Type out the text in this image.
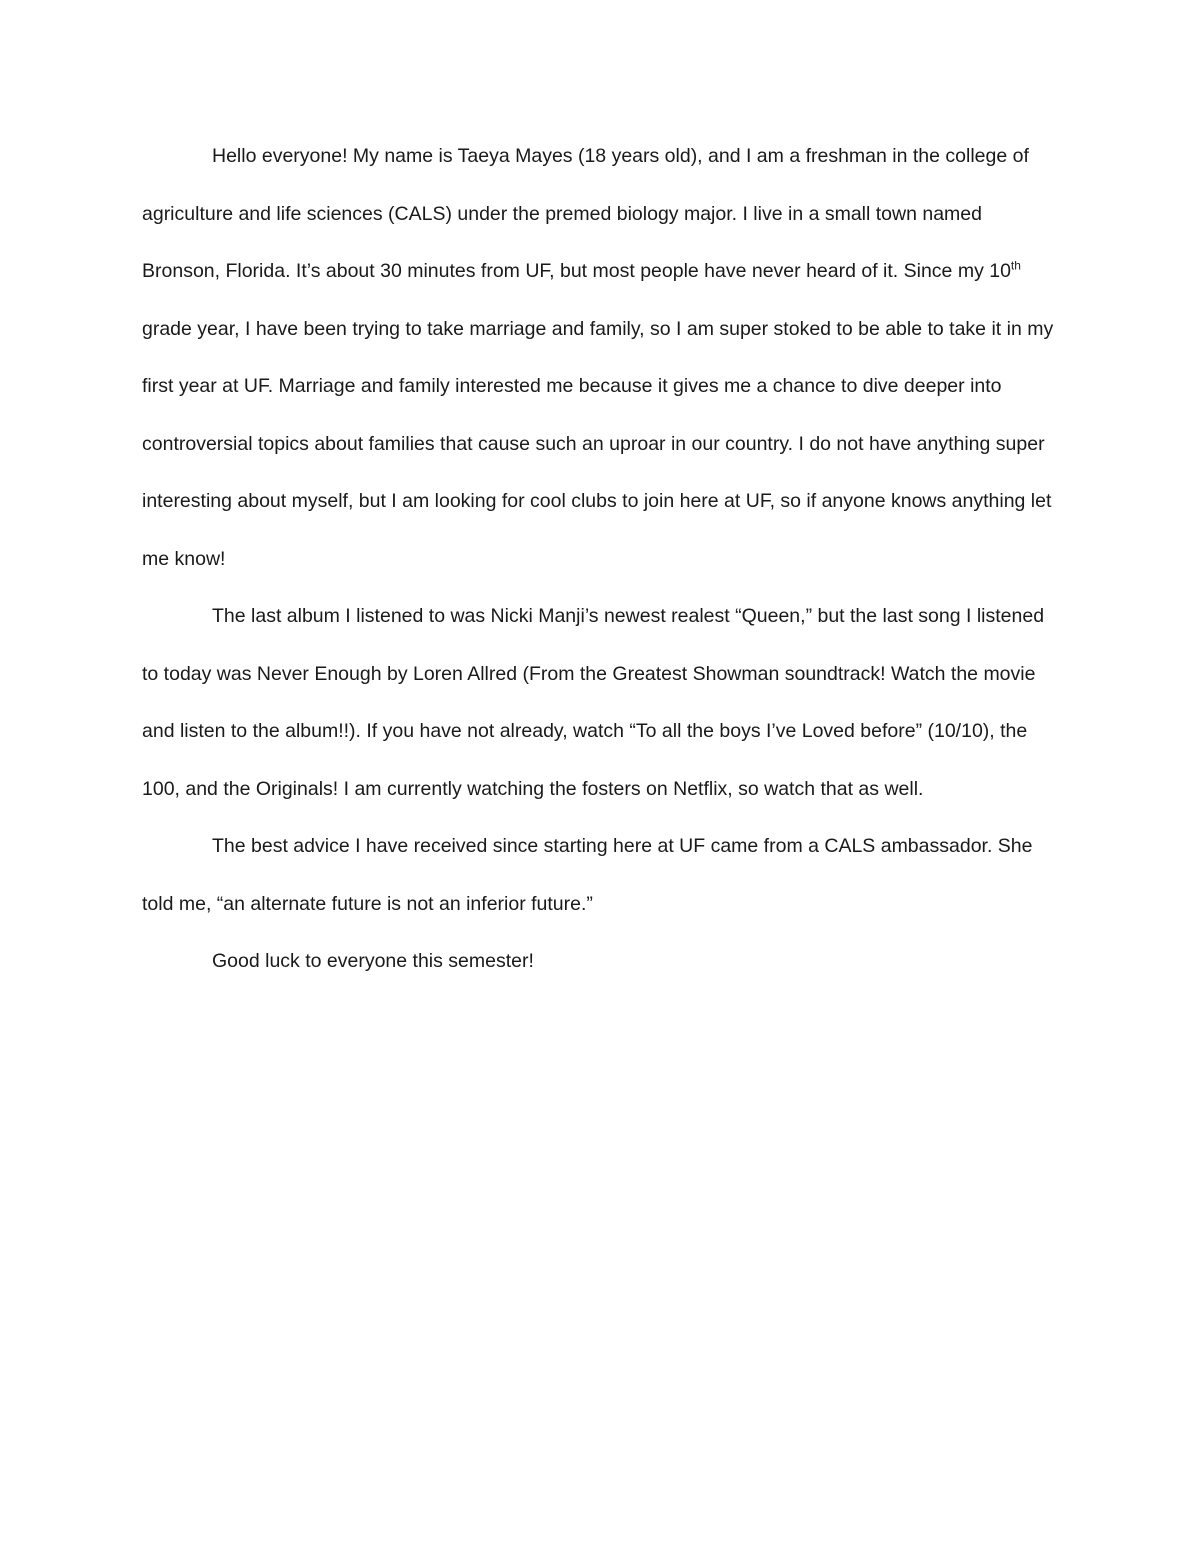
Hello everyone! My name is Taeya Mayes (18 years old), and I am a freshman in the college of agriculture and life sciences (CALS) under the premed biology major. I live in a small town named Bronson, Florida. It’s about 30 minutes from UF, but most people have never heard of it. Since my 10th grade year, I have been trying to take marriage and family, so I am super stoked to be able to take it in my first year at UF. Marriage and family interested me because it gives me a chance to dive deeper into controversial topics about families that cause such an uproar in our country. I do not have anything super interesting about myself, but I am looking for cool clubs to join here at UF, so if anyone knows anything let me know!

The last album I listened to was Nicki Manji’s newest realest “Queen,” but the last song I listened to today was Never Enough by Loren Allred (From the Greatest Showman soundtrack! Watch the movie and listen to the album!!). If you have not already, watch “To all the boys I’ve Loved before” (10/10), the 100, and the Originals! I am currently watching the fosters on Netflix, so watch that as well.

The best advice I have received since starting here at UF came from a CALS ambassador. She told me, “an alternate future is not an inferior future.”

Good luck to everyone this semester!
